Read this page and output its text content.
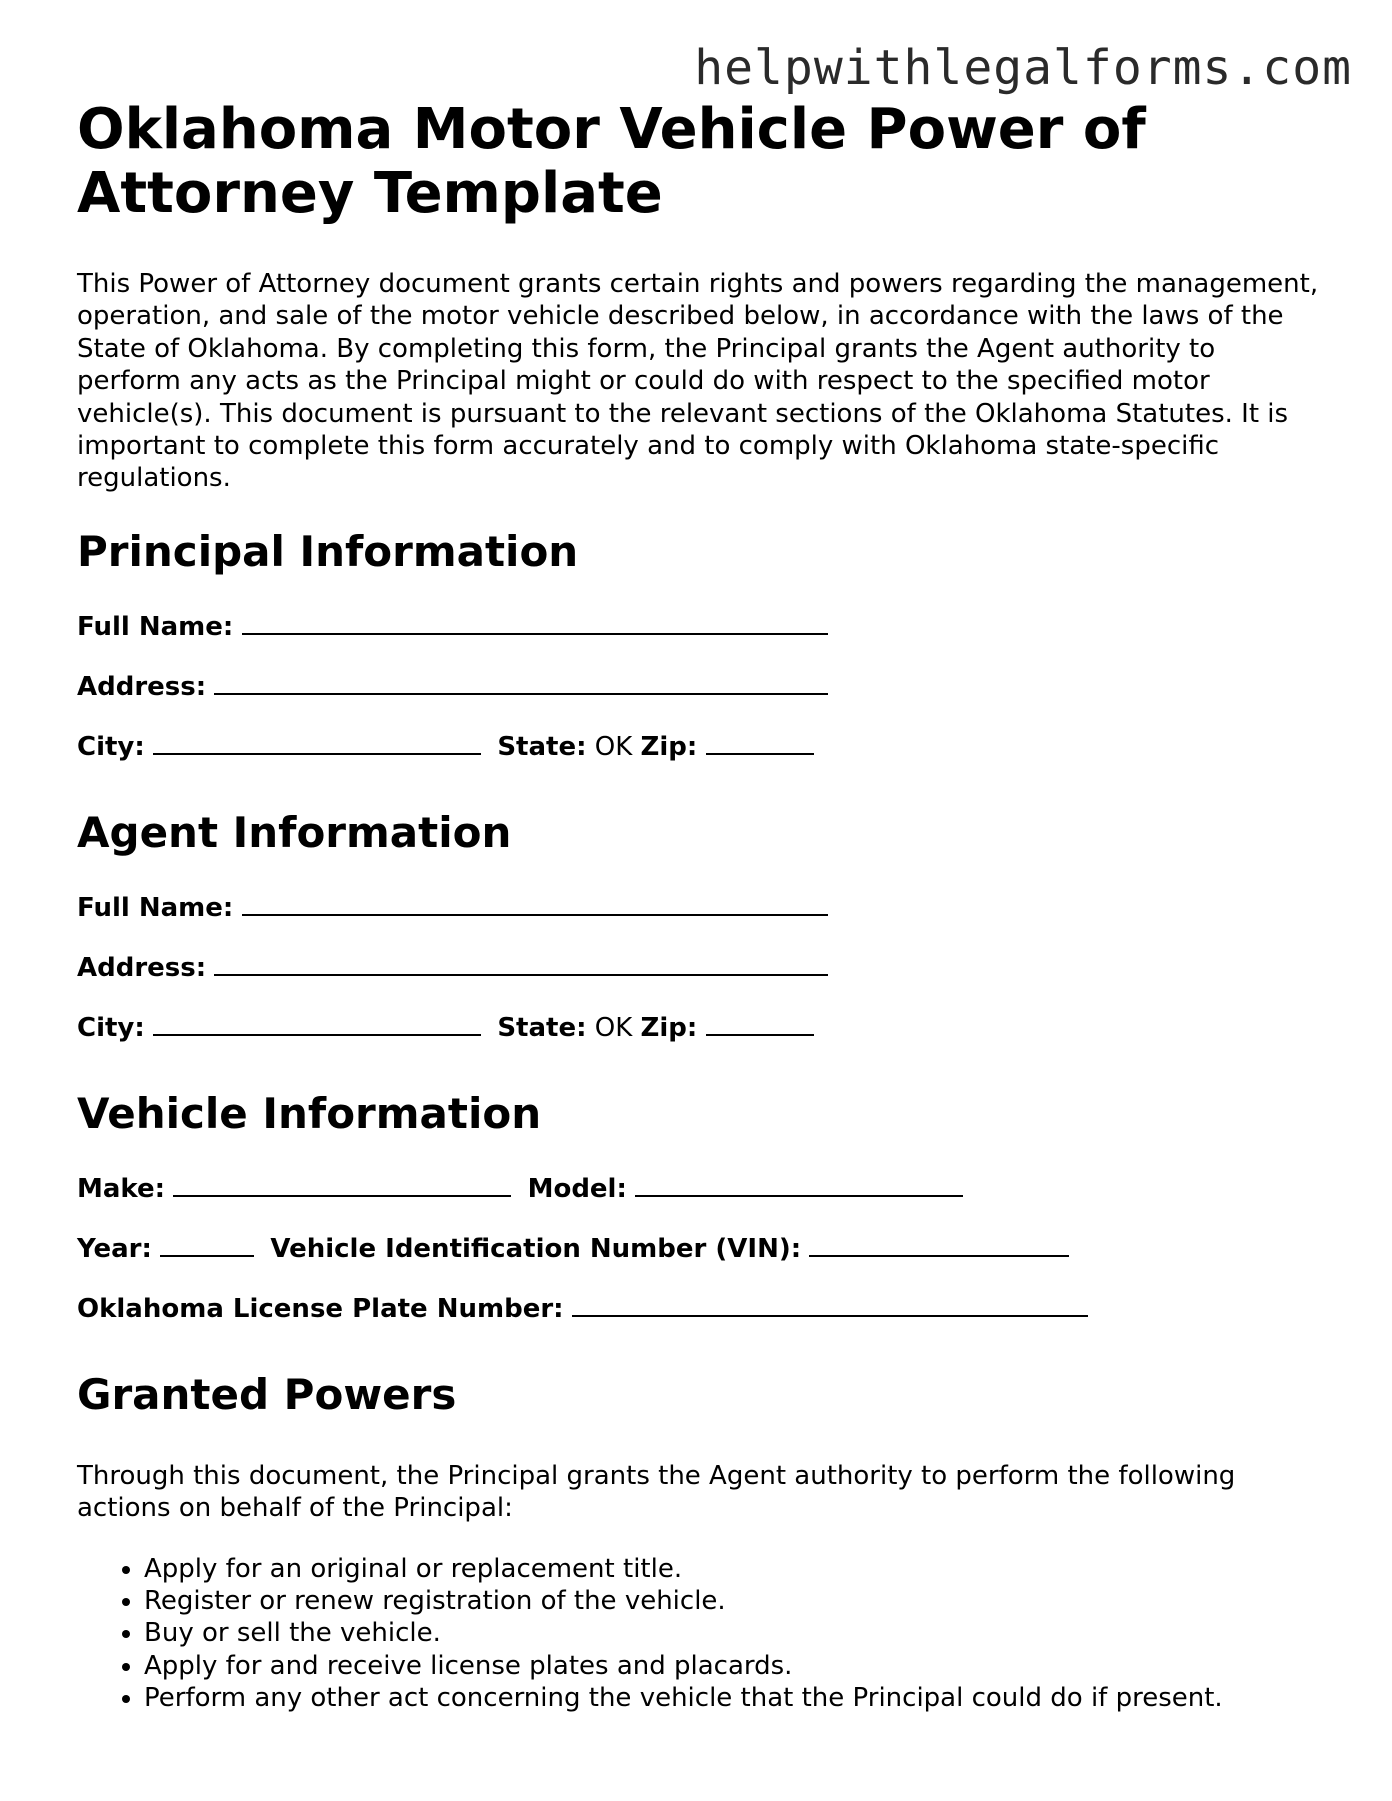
helpwithlegalforms.com
Oklahoma Motor Vehicle Power of Attorney Template

This Power of Attorney document grants certain rights and powers regarding the management, operation, and sale of the motor vehicle described below, in accordance with the laws of the State of Oklahoma. By completing this form, the Principal grants the Agent authority to perform any acts as the Principal might or could do with respect to the specified motor vehicle(s). This document is pursuant to the relevant sections of the Oklahoma Statutes. It is important to complete this form accurately and to comply with Oklahoma state-specific regulations.

Principal Information
Full Name:
Address:
City:	State: OK Zip:
Agent Information
Full Name:
Address:
City:	State: OK Zip:
Vehicle Information
Make:	Model:
Year:	Vehicle Identification Number (VIN):
Oklahoma License Plate Number:
Granted Powers

Through this document, the Principal grants the Agent authority to perform the following actions on behalf of the Principal:

• Apply for an original or replacement title.
• Register or renew registration of the vehicle.
• Buy or sell the vehicle.
• Apply for and receive license plates and placards.
• Perform any other act concerning the vehicle that the Principal could do if present.
